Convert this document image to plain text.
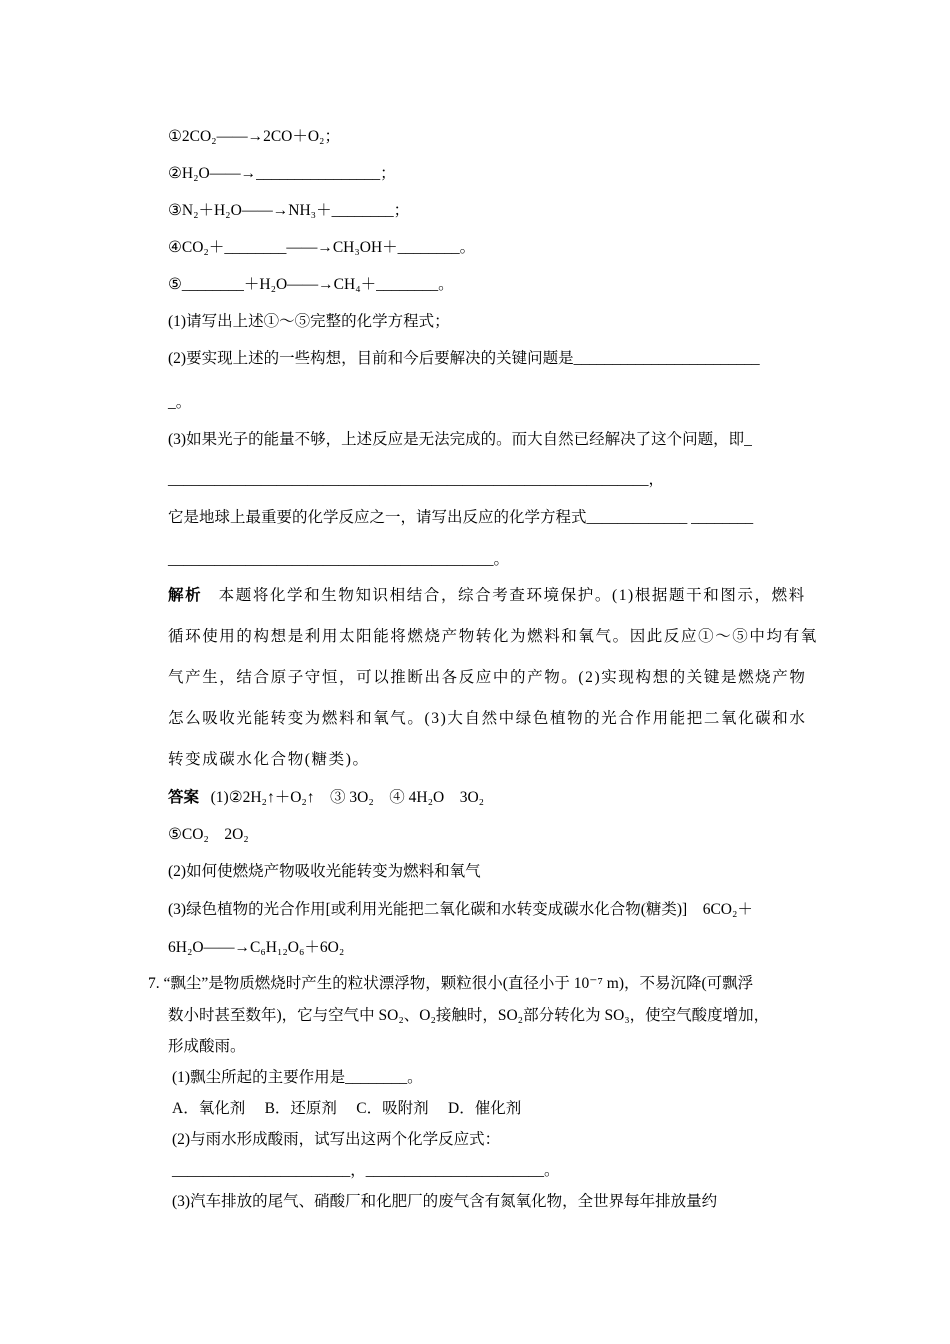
①2CO₂——→2CO＋O₂；
②H₂O——→________________；
③N₂＋H₂O——→NH₃＋________；
④CO₂＋________——→CH₃OH＋________。
⑤________＋H₂O——→CH₄＋________。
(1)请写出上述①～⑤完整的化学方程式；
(2)要实现上述的一些构想，目前和今后要解决的关键问题是________________________
_。
(3)如果光子的能量不够，上述反应是无法完成的。而大自然已经解决了这个问题，即_
______________________________________________________________，
它是地球上最重要的化学反应之一，请写出反应的化学方程式_____________ ________
__________________________________________。
解析 本题将化学和生物知识相结合，综合考查环境保护。(1)根据题干和图示，燃料
循环使用的构想是利用太阳能将燃烧产物转化为燃料和氧气。因此反应①～⑤中均有氧
气产生，结合原子守恒，可以推断出各反应中的产物。(2)实现构想的关键是燃烧产物
怎么吸收光能转变为燃料和氧气。(3)大自然中绿色植物的光合作用能把二氧化碳和水
转变成碳水化合物(糖类)。
答案 (1)②2H₂↑＋O₂↑　③ 3O₂　④ 4H₂O　3O₂
⑤CO₂　2O₂
(2)如何使燃烧产物吸收光能转变为燃料和氧气
(3)绿色植物的光合作用[或利用光能把二氧化碳和水转变成碳水化合物(糖类)]　6CO₂＋
6H₂O——→C₆H₁₂O₆＋6O₂
7. “飘尘”是物质燃烧时产生的粒状漂浮物，颗粒很小(直径小于 10⁻⁷ m)，不易沉降(可飘浮
数小时甚至数年)，它与空气中 SO₂、O₂接触时，SO₂部分转化为 SO₃，使空气酸度增加，
形成酸雨。
(1)飘尘所起的主要作用是________。
A．氧化剂　 B．还原剂　 C．吸附剂　 D．催化剂
(2)与雨水形成酸雨，试写出这两个化学反应式：
_______________________，_______________________。
(3)汽车排放的尾气、硝酸厂和化肥厂的废气含有氮氧化物，全世界每年排放量约
